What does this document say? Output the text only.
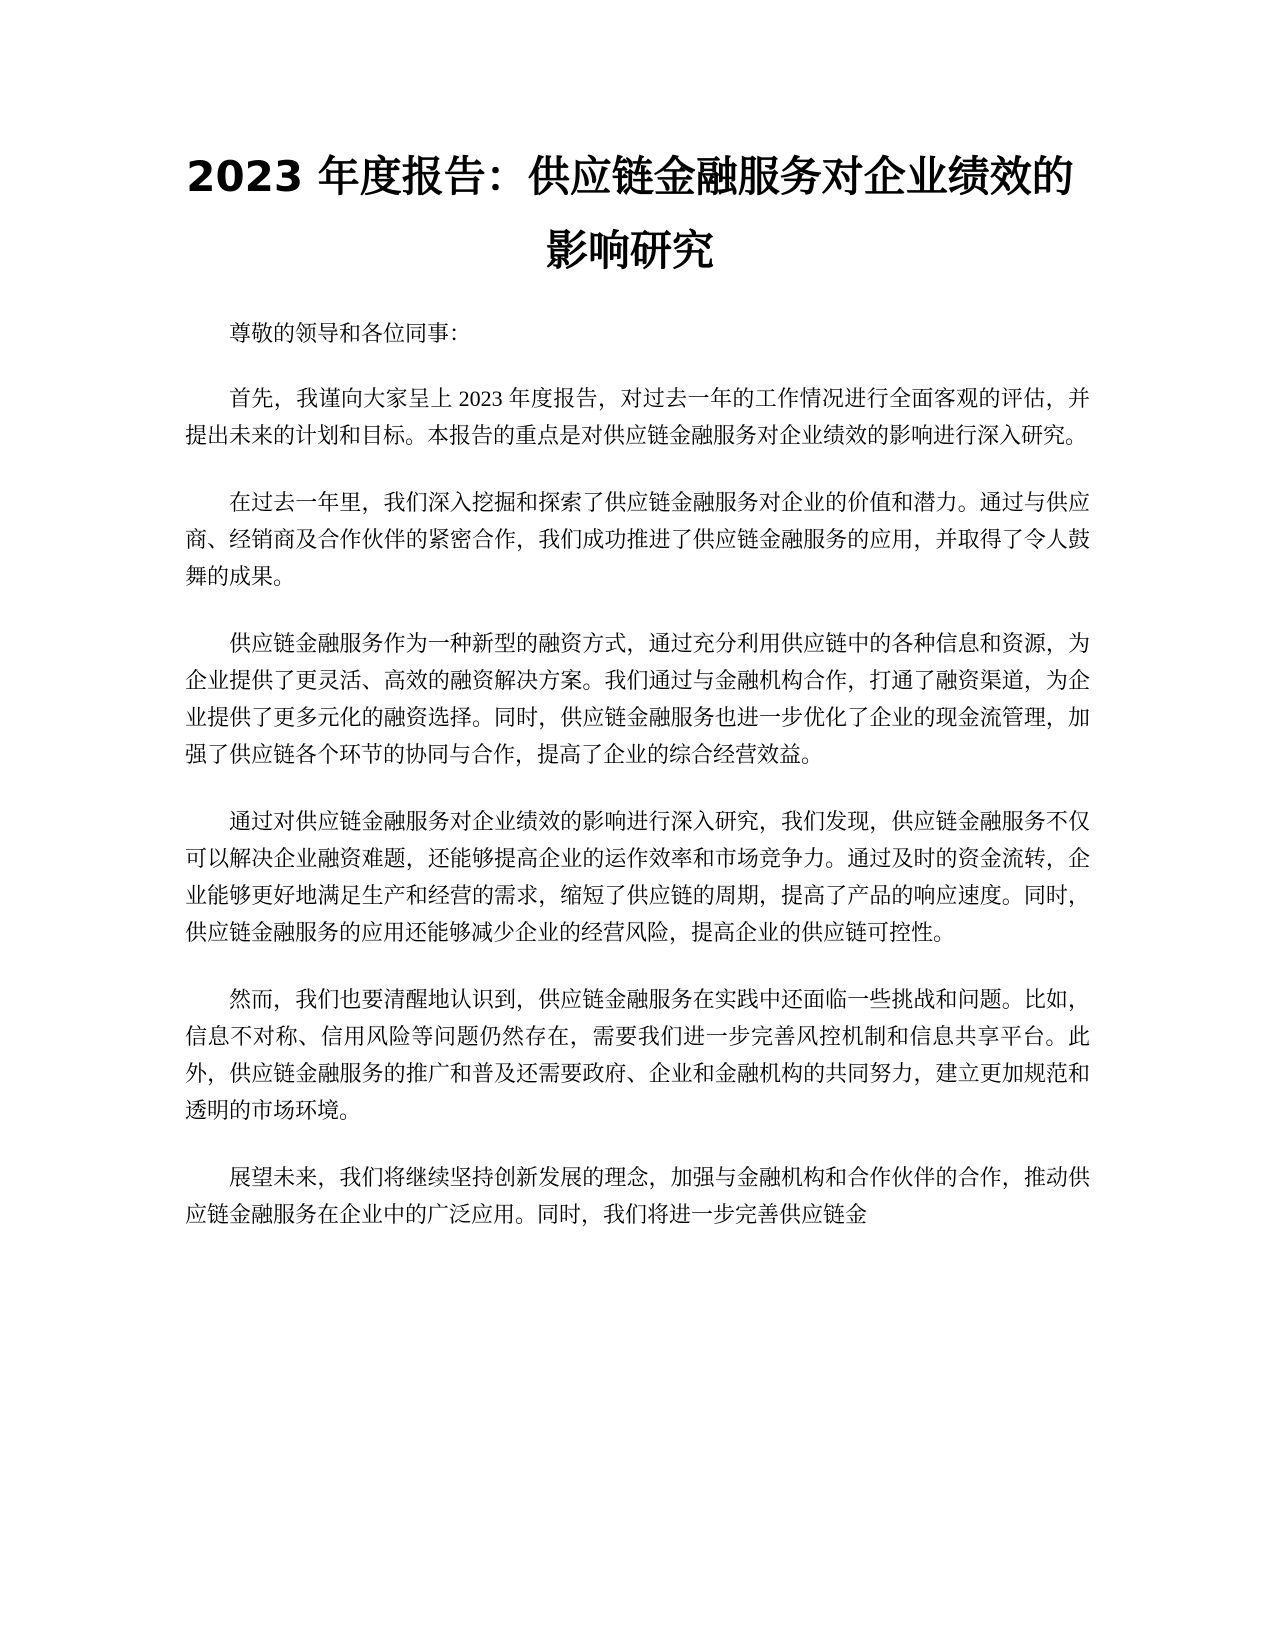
2023 年度报告：供应链金融服务对企业绩效的影响研究

尊敬的领导和各位同事：

首先，我谨向大家呈上 2023 年度报告，对过去一年的工作情况进行全面客观的评估，并提出未来的计划和目标。本报告的重点是对供应链金融服务对企业绩效的影响进行深入研究。

在过去一年里，我们深入挖掘和探索了供应链金融服务对企业的价值和潜力。通过与供应商、经销商及合作伙伴的紧密合作，我们成功推进了供应链金融服务的应用，并取得了令人鼓舞的成果。

供应链金融服务作为一种新型的融资方式，通过充分利用供应链中的各种信息和资源，为企业提供了更灵活、高效的融资解决方案。我们通过与金融机构合作，打通了融资渠道，为企业提供了更多元化的融资选择。同时，供应链金融服务也进一步优化了企业的现金流管理，加强了供应链各个环节的协同与合作，提高了企业的综合经营效益。

通过对供应链金融服务对企业绩效的影响进行深入研究，我们发现，供应链金融服务不仅可以解决企业融资难题，还能够提高企业的运作效率和市场竞争力。通过及时的资金流转，企业能够更好地满足生产和经营的需求，缩短了供应链的周期，提高了产品的响应速度。同时，供应链金融服务的应用还能够减少企业的经营风险，提高企业的供应链可控性。

然而，我们也要清醒地认识到，供应链金融服务在实践中还面临一些挑战和问题。比如，信息不对称、信用风险等问题仍然存在，需要我们进一步完善风控机制和信息共享平台。此外，供应链金融服务的推广和普及还需要政府、企业和金融机构的共同努力，建立更加规范和透明的市场环境。

展望未来，我们将继续坚持创新发展的理念，加强与金融机构和合作伙伴的合作，推动供应链金融服务在企业中的广泛应用。同时，我们将进一步完善供应链金
